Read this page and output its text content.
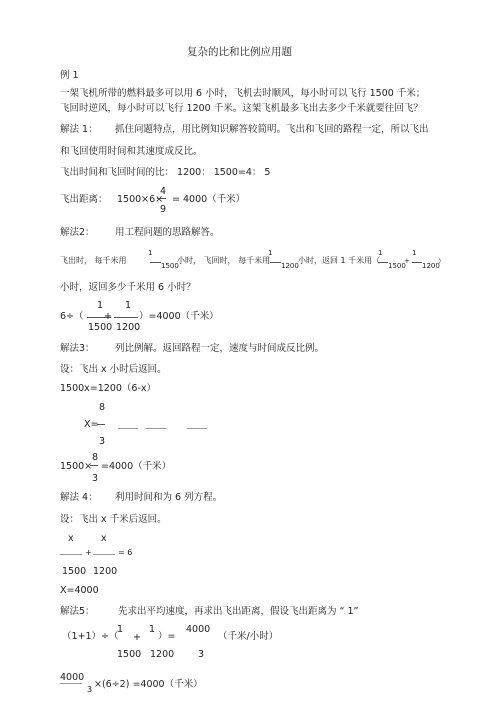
复杂的比和比例应用题
例 1
一架飞机所带的燃料最多可以用 6 小时，飞机去时顺风，每小时可以飞行 1500 千米；
飞回时逆风，每小时可以飞行 1200 千米。这架飞机最多飞出去多少千米就要往回飞？
解法 1： 抓住问题特点，用比例知识解答较简明。飞出和飞回的路程一定，所以飞出
和飞回使用时间和其速度成反比。
飞出时间和飞回时间的比： 1200： 1500=4： 5
飞出距离： 1500×6×
4
9
= 4000（千米）
解法2： 用工程问题的思路解答。
飞出时， 每千米用
1
1500
小时， 飞回时， 每千米用
1
1200
小时，返回 1 千米用（
1
1500
+
1
1200
）
小时，返回多少千米用 6 小时？
6÷（
1
+
1
）=4000（千米）
1500 1200
解法3： 列比例解。返回路程一定，速度与时间成反比例。
设：飞出 x 小时后返回。
1500x=1200（6-x）
8
X=
3
1500×
8
3
=4000（千米）
解法 4： 利用时间和为 6 列方程。
设：飞出 x 千米后返回。
x	x
+	= 6
1500 1200
X=4000
解法5： 先求出平均速度，再求出飞出距离，假设飞出距离为 “ 1”
（1+1）÷（
1
+
1
）=
4000
（千米/小时）
1500 1200	3
4000
3 ×(6÷2) =4000（千米）
